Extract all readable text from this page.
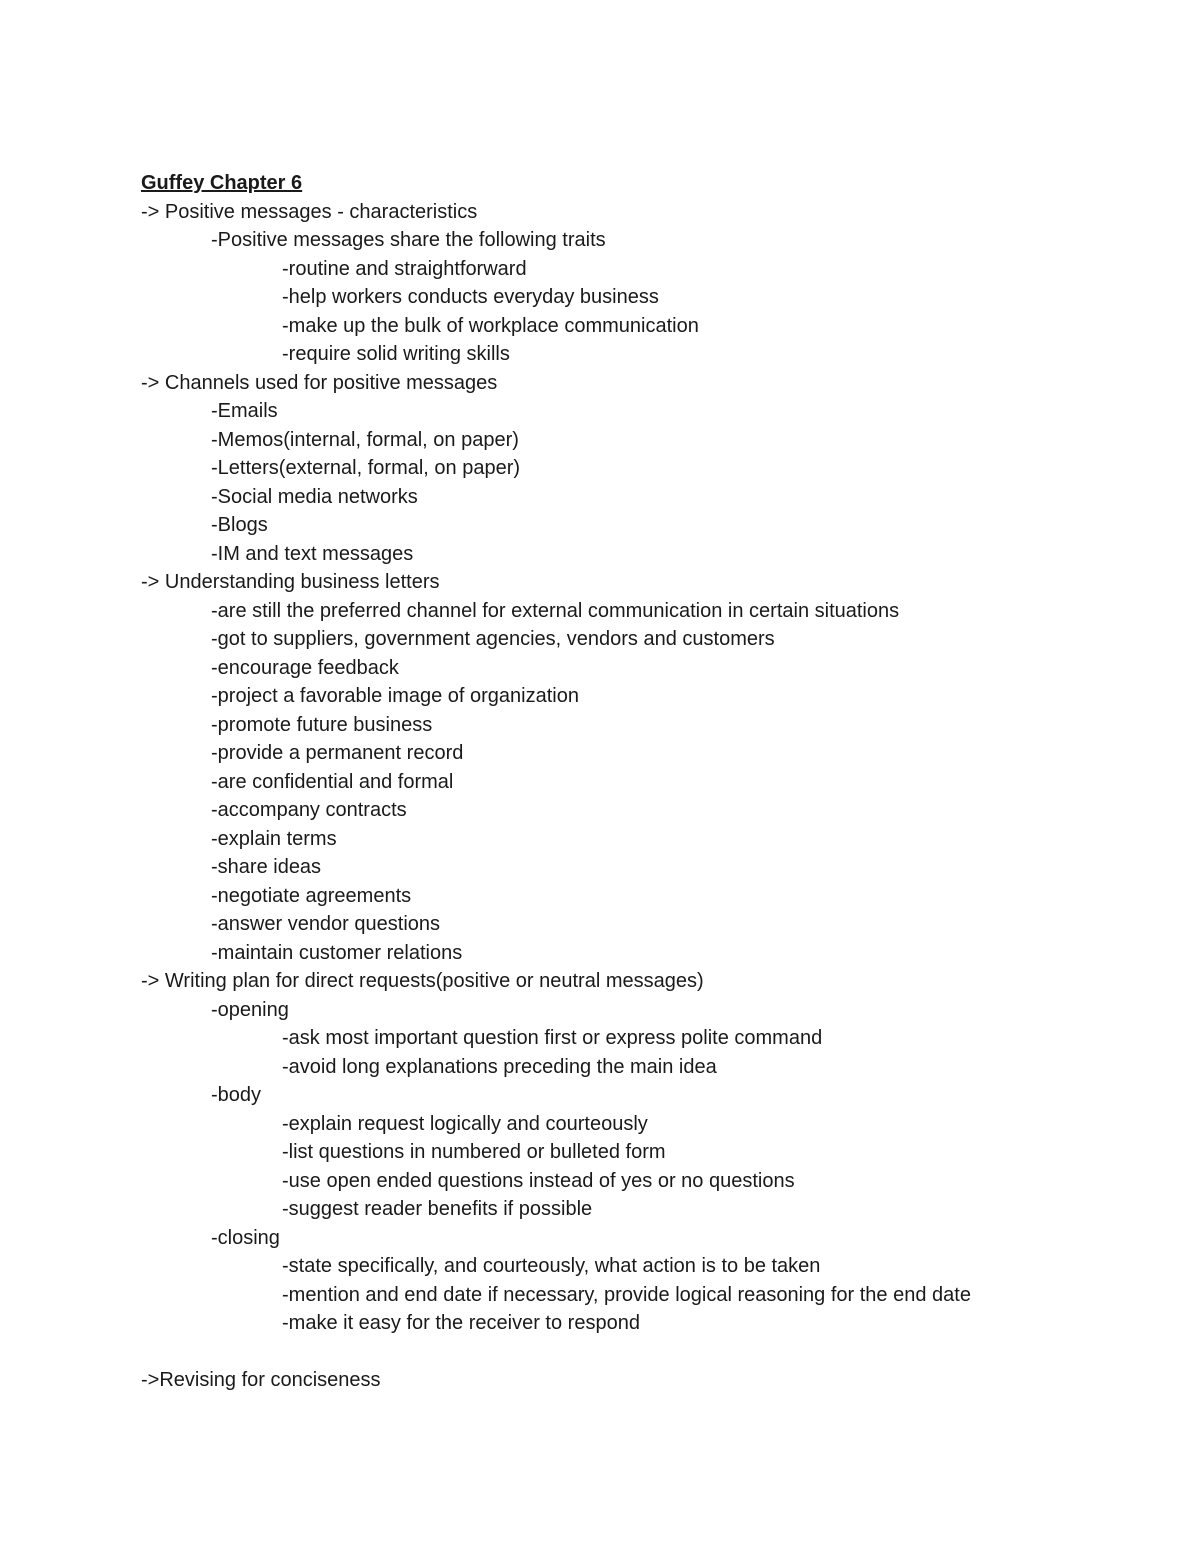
Guffey Chapter 6
-> Positive messages - characteristics
-Positive messages share the following traits
-routine and straightforward
-help workers conducts everyday business
-make up the bulk of workplace communication
-require solid writing skills
-> Channels used for positive messages
-Emails
-Memos(internal, formal, on paper)
-Letters(external, formal, on paper)
-Social media networks
-Blogs
-IM and text messages
-> Understanding business letters
-are still the preferred channel for external communication in certain situations
-got to suppliers, government agencies, vendors and customers
-encourage feedback
-project a favorable image of organization
-promote future business
-provide a permanent record
-are confidential and formal
-accompany contracts
-explain terms
-share ideas
-negotiate agreements
-answer vendor questions
-maintain customer relations
-> Writing plan for direct requests(positive or neutral messages)
-opening
-ask most important question first or express polite command
-avoid long explanations preceding the main idea
-body
-explain request logically and courteously
-list questions in numbered or bulleted form
-use open ended questions instead of yes or no questions
-suggest reader benefits if possible
-closing
-state specifically, and courteously, what action is to be taken
-mention and end date if necessary, provide logical reasoning for the end date
-make it easy for the receiver to respond
->Revising for conciseness
